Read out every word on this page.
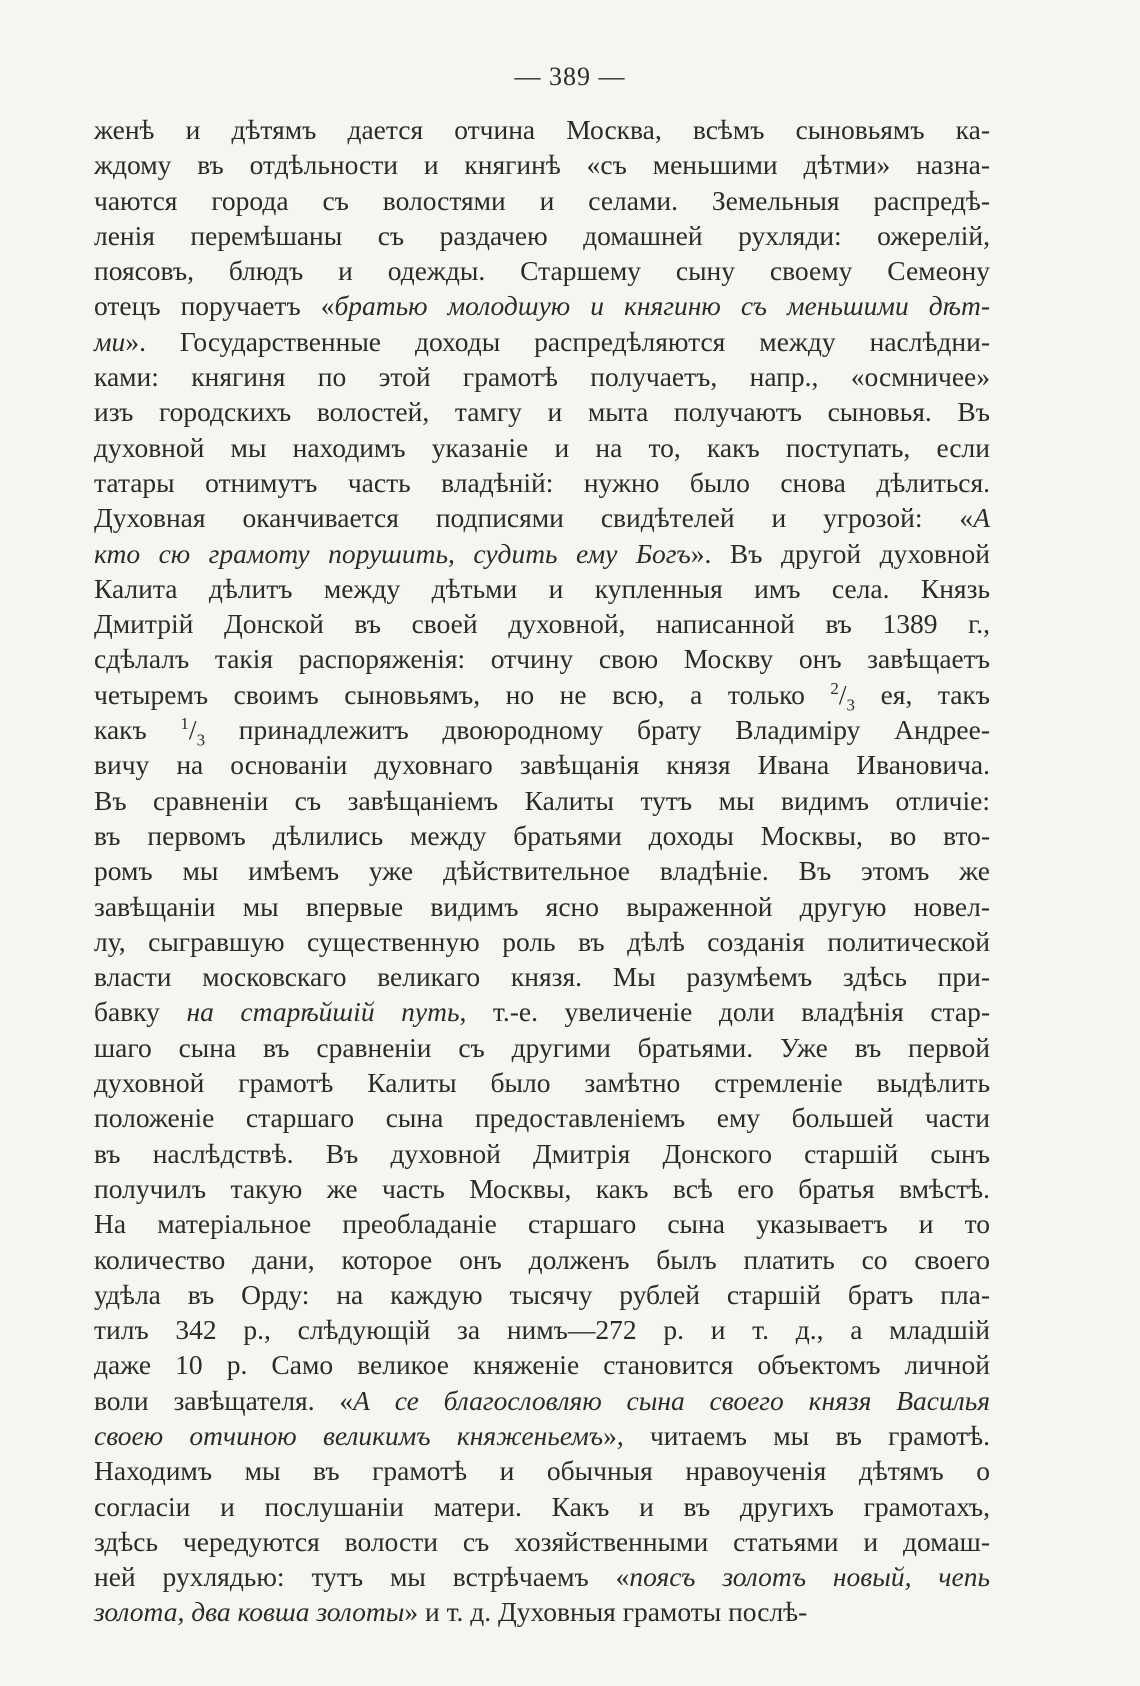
— 389 —
женѣ и дѣтямъ дается отчина Москва, всѣмъ сыновьямъ ка-
ждому въ отдѣльности и княгинѣ «съ меньшими дѣтми» назна-
чаются города съ волостями и селами. Земельныя распредѣ-
ленія перемѣшаны съ раздачею домашней рухляди: ожерелій,
поясовъ, блюдъ и одежды. Старшему сыну своему Семеону
отецъ поручаетъ «братью молодшую и княгиню съ меньшими дѣт-
ми». Государственные доходы распредѣляются между наслѣдни-
ками: княгиня по этой грамотѣ получаетъ, напр., «осмничее»
изъ городскихъ волостей, тамгу и мыта получаютъ сыновья. Въ
духовной мы находимъ указаніе и на то, какъ поступать, если
татары отнимутъ часть владѣній: нужно было снова дѣлиться.
Духовная оканчивается подписями свидѣтелей и угрозой: «А
кто сю грамоту порушить, судить ему Богъ». Въ другой духовной
Калита дѣлитъ между дѣтьми и купленныя имъ села. Князь
Дмитрій Донской въ своей духовной, написанной въ 1389 г.,
сдѣлалъ такія распоряженія: отчину свою Москву онъ завѣщаетъ
четыремъ своимъ сыновьямъ, но не всю, а только $^2/_3$ ея, такъ
какъ $^1/_3$ принадлежитъ двоюродному брату Владиміру Андрее-
вичу на основаніи духовнаго завѣщанія князя Ивана Ивановича.
Въ сравненіи съ завѣщаніемъ Калиты тутъ мы видимъ отличіе:
въ первомъ дѣлились между братьями доходы Москвы, во вто-
ромъ мы имѣемъ уже дѣйствительное владѣніе. Въ этомъ же
завѣщаніи мы впервые видимъ ясно выраженной другую новел-
лу, сыгравшую существенную роль въ дѣлѣ созданія политической
власти московскаго великаго князя. Мы разумѣемъ здѣсь при-
бавку на старѣйшій путь, т.-е. увеличеніе доли владѣнія стар-
шаго сына въ сравненіи съ другими братьями. Уже въ первой
духовной грамотѣ Калиты было замѣтно стремленіе выдѣлить
положеніе старшаго сына предоставленіемъ ему большей части
въ наслѣдствѣ. Въ духовной Дмитрія Донского старшій сынъ
получилъ такую же часть Москвы, какъ всѣ его братья вмѣстѣ.
На матеріальное преобладаніе старшаго сына указываетъ и то
количество дани, которое онъ долженъ былъ платить со своего
удѣла въ Орду: на каждую тысячу рублей старшій братъ пла-
тилъ 342 р., слѣдующій за нимъ—272 р. и т. д., а младшій
даже 10 р. Само великое княженіе становится объектомъ личной
воли завѣщателя. «А се благословляю сына своего князя Василья
своею отчиною великимъ княженьемъ», читаемъ мы въ грамотѣ.
Находимъ мы въ грамотѣ и обычныя нравоученія дѣтямъ о
согласіи и послушаніи матери. Какъ и въ другихъ грамотахъ,
здѣсь чередуются волости съ хозяйственными статьями и домаш-
ней рухлядью: тутъ мы встрѣчаемъ «поясъ золотъ новый, чепь
золота, два ковша золоты» и т. д. Духовныя грамоты послѣ-
